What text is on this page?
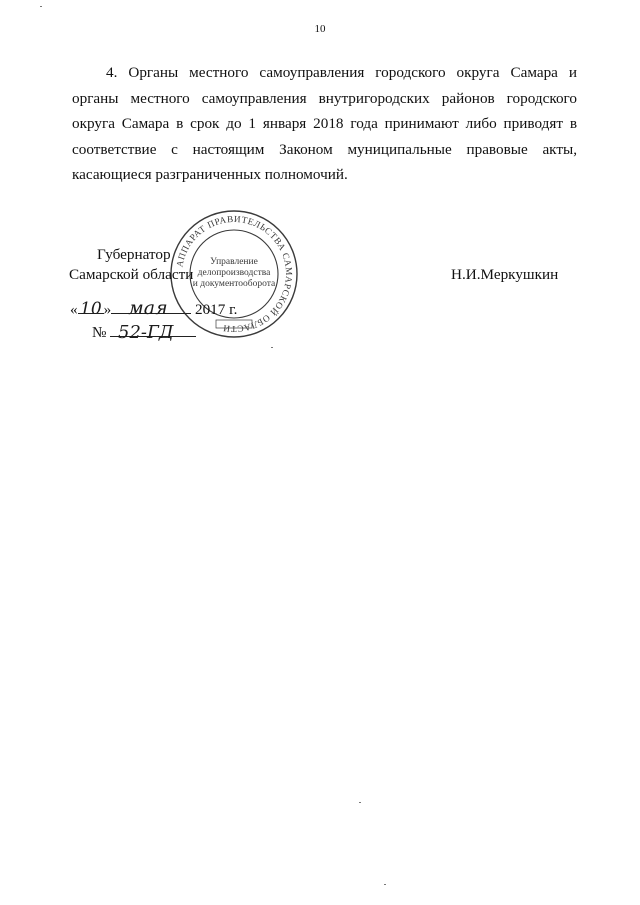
10
4. Органы местного самоуправления городского округа Самара и
органы местного самоуправления внутригородских районов городского
округа Самара в срок до 1 января 2018 года принимают либо приводят в
соответствие с настоящим Законом муниципальные правовые акты,
касающиеся разграниченных полномочий.
АППАРАТ ПРАВИТЕЛЬСТВА САМАРСКОЙ ОБЛАСТИ
Управление
делопроизводства
и документооборота
Губернатор
Самарской области	Н.И.Меркушкин
« »	2017 г.
№
10 мая
52-ГД
